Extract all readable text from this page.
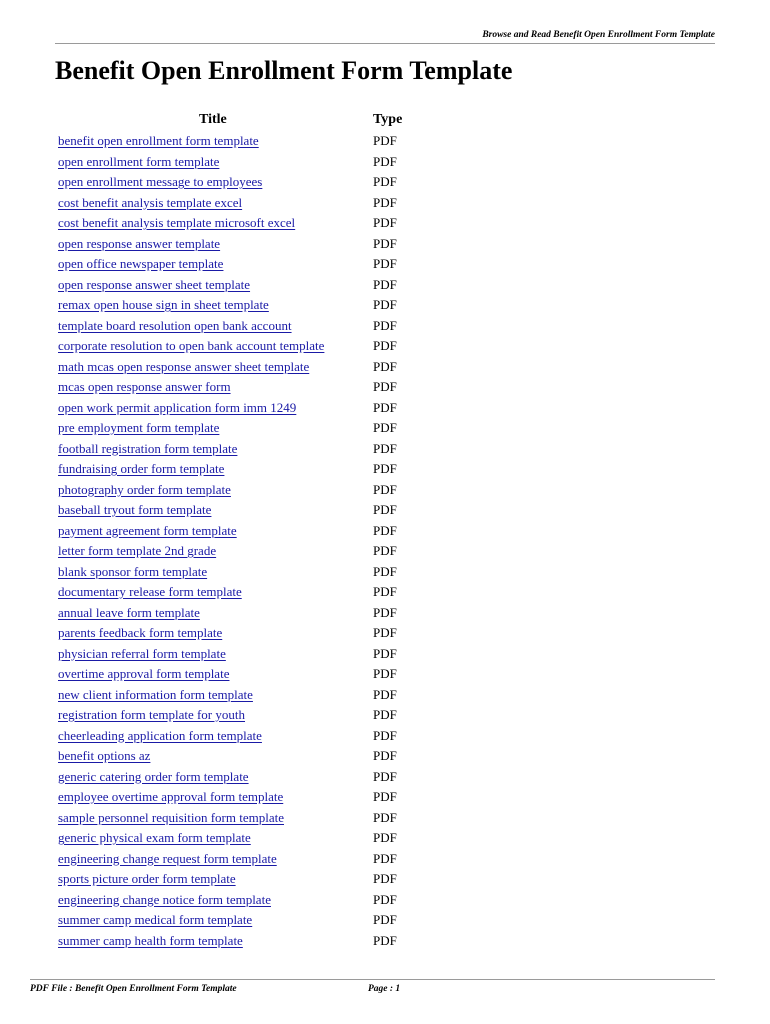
Browse and Read Benefit Open Enrollment Form Template
Benefit Open Enrollment Form Template
Title	Type
benefit open enrollment form template	PDF
open enrollment form template	PDF
open enrollment message to employees	PDF
cost benefit analysis template excel	PDF
cost benefit analysis template microsoft excel	PDF
open response answer template	PDF
open office newspaper template	PDF
open response answer sheet template	PDF
remax open house sign in sheet template	PDF
template board resolution open bank account	PDF
corporate resolution to open bank account template	PDF
math mcas open response answer sheet template	PDF
mcas open response answer form	PDF
open work permit application form imm 1249	PDF
pre employment form template	PDF
football registration form template	PDF
fundraising order form template	PDF
photography order form template	PDF
baseball tryout form template	PDF
payment agreement form template	PDF
letter form template 2nd grade	PDF
blank sponsor form template	PDF
documentary release form template	PDF
annual leave form template	PDF
parents feedback form template	PDF
physician referral form template	PDF
overtime approval form template	PDF
new client information form template	PDF
registration form template for youth	PDF
cheerleading application form template	PDF
benefit options az	PDF
generic catering order form template	PDF
employee overtime approval form template	PDF
sample personnel requisition form template	PDF
generic physical exam form template	PDF
engineering change request form template	PDF
sports picture order form template	PDF
engineering change notice form template	PDF
summer camp medical form template	PDF
summer camp health form template	PDF
PDF File : Benefit Open Enrollment Form Template	Page : 1
